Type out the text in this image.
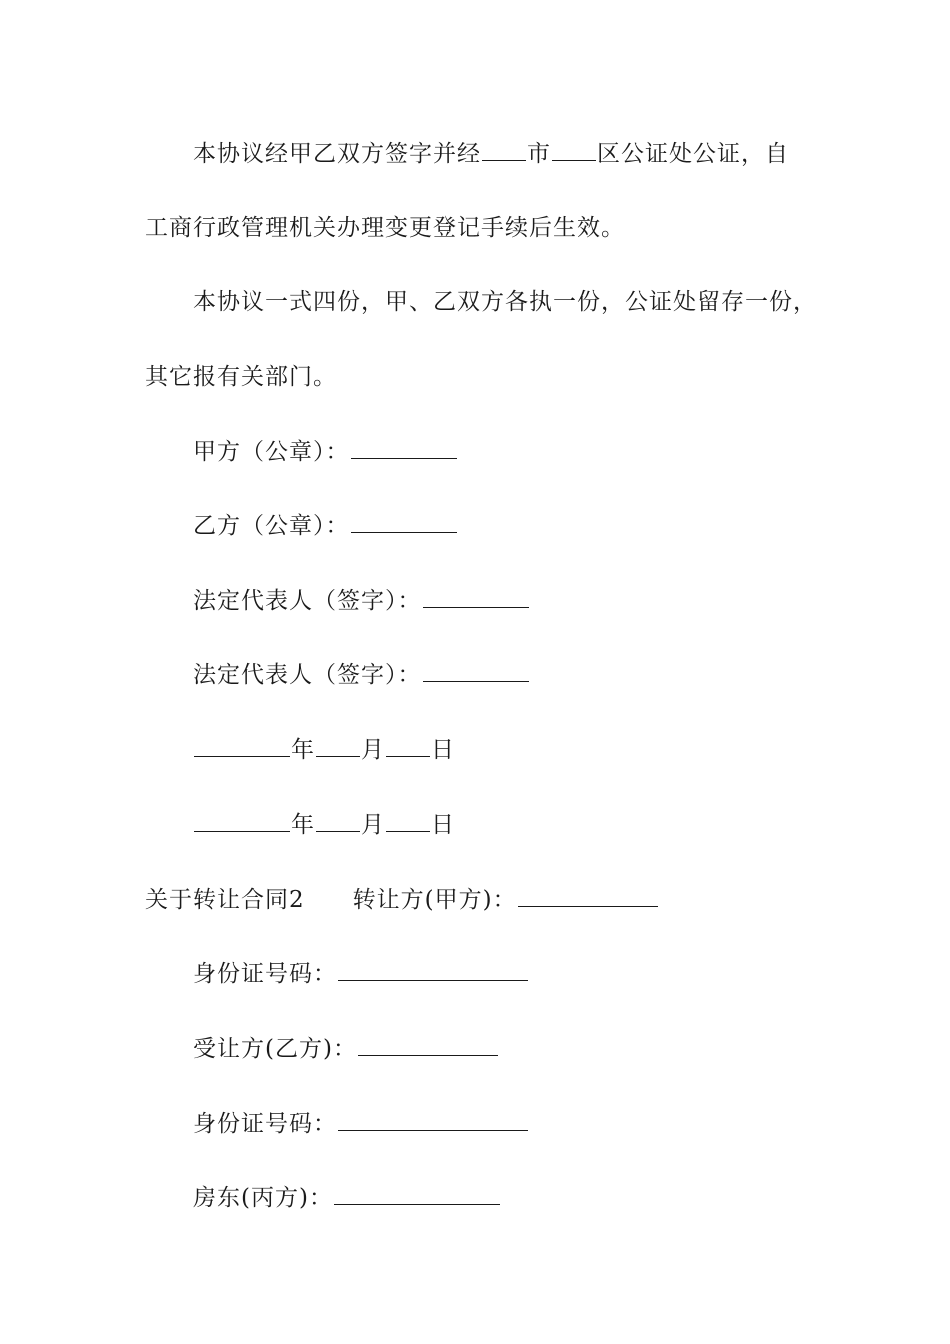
本协议经甲乙双方签字并经 市 区公证处公证，自
工商行政管理机关办理变更登记手续后生效。
本协议一式四份，甲、乙双方各执一份，公证处留存一份，
其它报有关部门。
甲方（公章）：
乙方（公章）：
法定代表人（签字）：
法定代表人（签字）：
年 月 日
年 月 日
关于转让合同2 转让方(甲方)：
身份证号码：
受让方(乙方)：
身份证号码：
房东(丙方)：
